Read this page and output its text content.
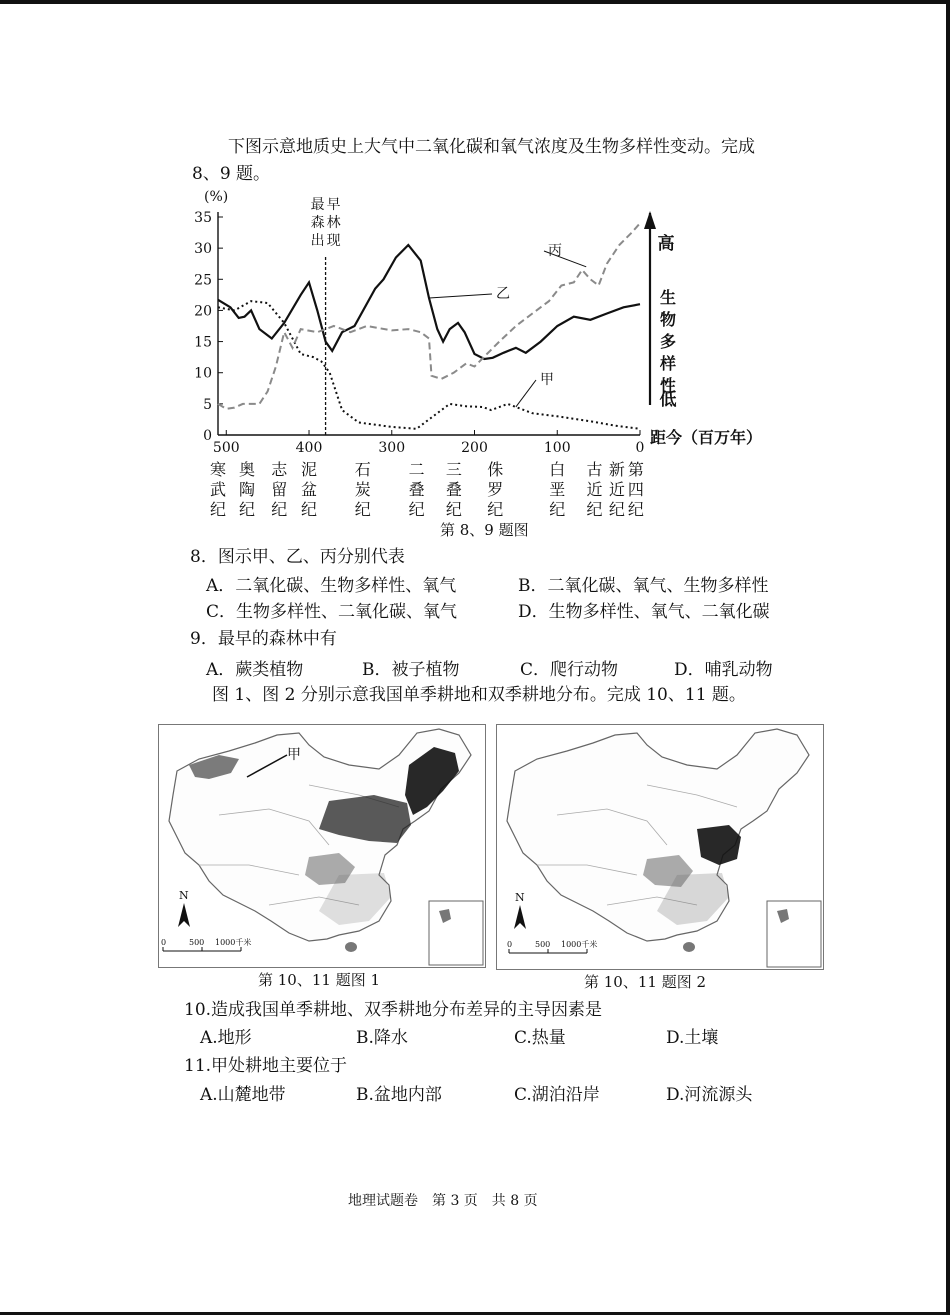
下图示意地质史上大气中二氧化碳和氧气浓度及生物多样性变动。完成
8、9 题。
(%)
0
5
10
15
20
25
30
35
500	400	300	200	100	0
距今（百万年）
寒
武
纪
奥
陶
纪
志
留
纪
泥
盆
纪
石
炭
纪
二
叠
纪
三
叠
纪
侏
罗
纪
白
垩
纪
古
近
纪
新
近
纪
第
四
纪
最 早
森 林
出 现
甲
乙
丙	高
生
物
多
样
性
低
第 8、9 题图
8．图示甲、乙、丙分别代表
A．二氧化碳、生物多样性、氧气	B．二氧化碳、氧气、生物多样性
C．生物多样性、二氧化碳、氧气	D．生物多样性、氧气、二氧化碳
9．最早的森林中有
A．蕨类植物	B．被子植物	C．爬行动物	D．哺乳动物
图 1、图 2 分别示意我国单季耕地和双季耕地分布。完成 10、11 题。
甲
N
0	500 1000千米
第 10、11 题图 1
N
0	500 1000千米
第 10、11 题图 2
10.造成我国单季耕地、双季耕地分布差异的主导因素是
A.地形	B.降水	C.热量	D.土壤
11.甲处耕地主要位于
A.山麓地带	B.盆地内部	C.湖泊沿岸	D.河流源头
地理试题卷　第 3 页　共 8 页
